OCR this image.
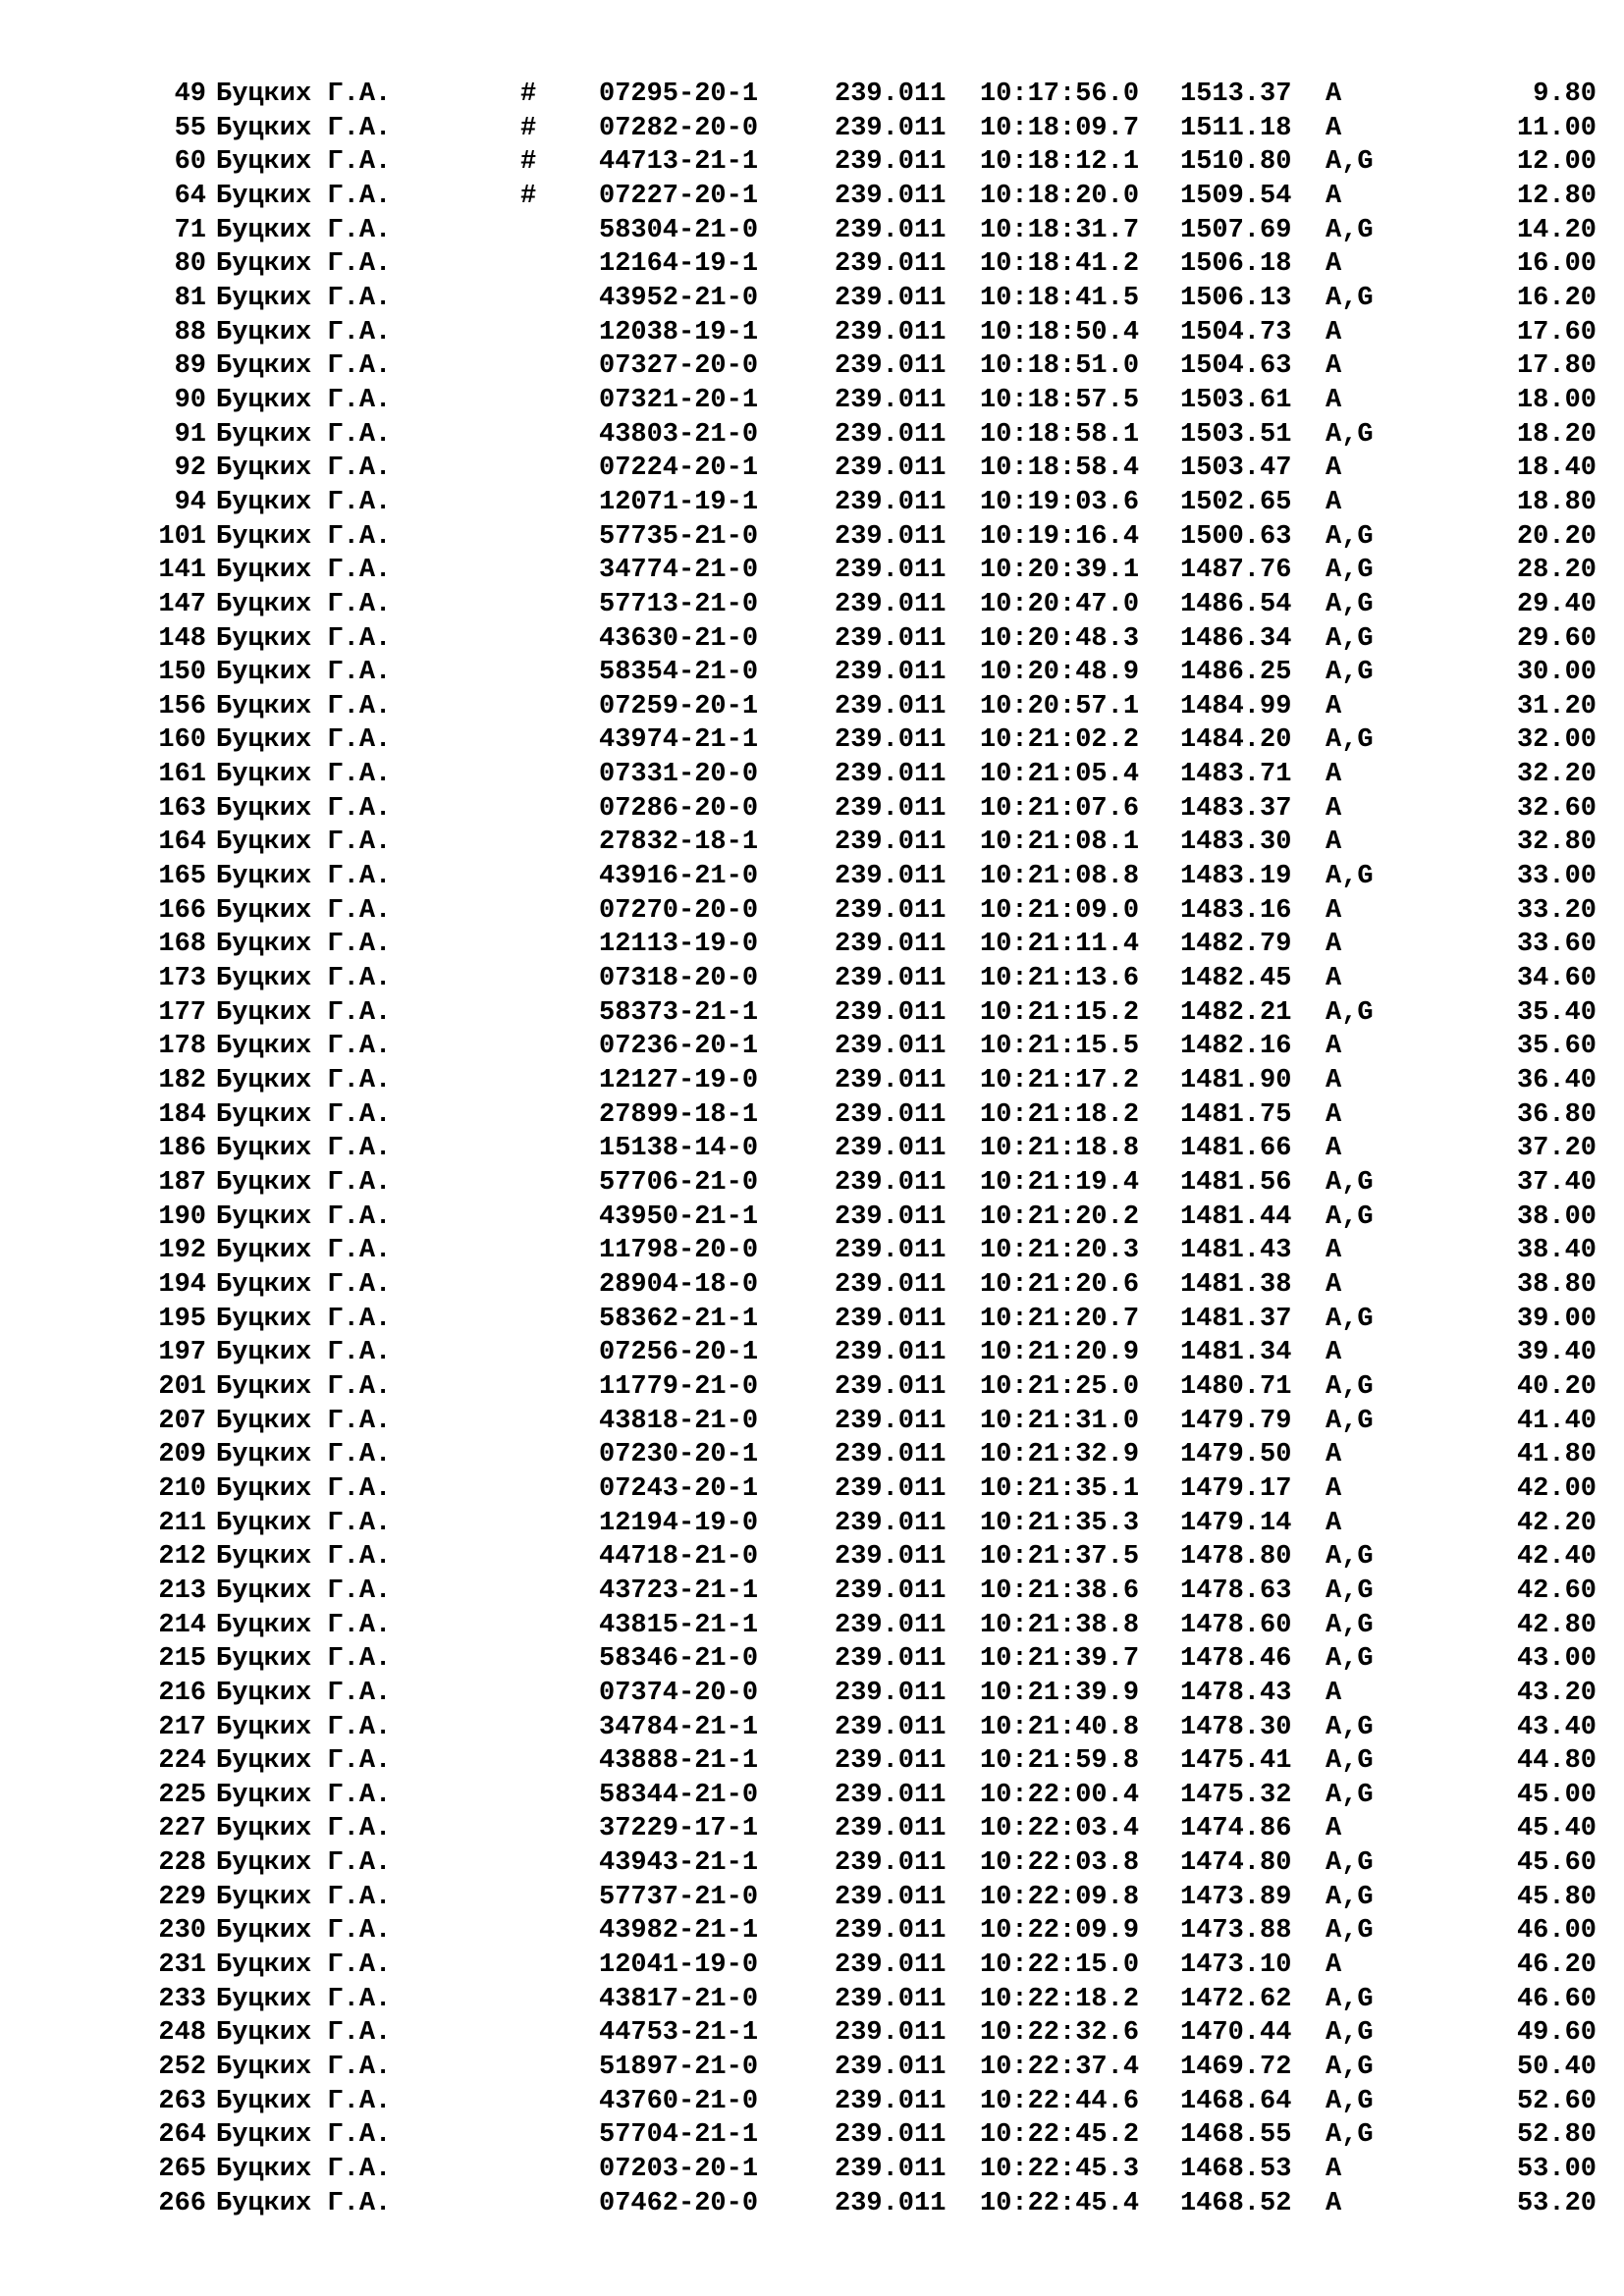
49 Буцких Г.А.	# 07295-20-1	239.011 10:17:56.0 1513.37 A	9.80
55 Буцких Г.А.	# 07282-20-0	239.011 10:18:09.7 1511.18 A	11.00
60 Буцких Г.А.	# 44713-21-1	239.011 10:18:12.1 1510.80 A,G	12.00
64 Буцких Г.А.	# 07227-20-1	239.011 10:18:20.0 1509.54 A	12.80
71 Буцких Г.А.	58304-21-0	239.011 10:18:31.7 1507.69 A,G	14.20
80 Буцких Г.А.	12164-19-1	239.011 10:18:41.2 1506.18 A	16.00
81 Буцких Г.А.	43952-21-0	239.011 10:18:41.5 1506.13 A,G	16.20
88 Буцких Г.А.	12038-19-1	239.011 10:18:50.4 1504.73 A	17.60
89 Буцких Г.А.	07327-20-0	239.011 10:18:51.0 1504.63 A	17.80
90 Буцких Г.А.	07321-20-1	239.011 10:18:57.5 1503.61 A	18.00
91 Буцких Г.А.	43803-21-0	239.011 10:18:58.1 1503.51 A,G	18.20
92 Буцких Г.А.	07224-20-1	239.011 10:18:58.4 1503.47 A	18.40
94 Буцких Г.А.	12071-19-1	239.011 10:19:03.6 1502.65 A	18.80
101 Буцких Г.А.	57735-21-0	239.011 10:19:16.4 1500.63 A,G	20.20
141 Буцких Г.А.	34774-21-0	239.011 10:20:39.1 1487.76 A,G	28.20
147 Буцких Г.А.	57713-21-0	239.011 10:20:47.0 1486.54 A,G	29.40
148 Буцких Г.А.	43630-21-0	239.011 10:20:48.3 1486.34 A,G	29.60
150 Буцких Г.А.	58354-21-0	239.011 10:20:48.9 1486.25 A,G	30.00
156 Буцких Г.А.	07259-20-1	239.011 10:20:57.1 1484.99 A	31.20
160 Буцких Г.А.	43974-21-1	239.011 10:21:02.2 1484.20 A,G	32.00
161 Буцких Г.А.	07331-20-0	239.011 10:21:05.4 1483.71 A	32.20
163 Буцких Г.А.	07286-20-0	239.011 10:21:07.6 1483.37 A	32.60
164 Буцких Г.А.	27832-18-1	239.011 10:21:08.1 1483.30 A	32.80
165 Буцких Г.А.	43916-21-0	239.011 10:21:08.8 1483.19 A,G	33.00
166 Буцких Г.А.	07270-20-0	239.011 10:21:09.0 1483.16 A	33.20
168 Буцких Г.А.	12113-19-0	239.011 10:21:11.4 1482.79 A	33.60
173 Буцких Г.А.	07318-20-0	239.011 10:21:13.6 1482.45 A	34.60
177 Буцких Г.А.	58373-21-1	239.011 10:21:15.2 1482.21 A,G	35.40
178 Буцких Г.А.	07236-20-1	239.011 10:21:15.5 1482.16 A	35.60
182 Буцких Г.А.	12127-19-0	239.011 10:21:17.2 1481.90 A	36.40
184 Буцких Г.А.	27899-18-1	239.011 10:21:18.2 1481.75 A	36.80
186 Буцких Г.А.	15138-14-0	239.011 10:21:18.8 1481.66 A	37.20
187 Буцких Г.А.	57706-21-0	239.011 10:21:19.4 1481.56 A,G	37.40
190 Буцких Г.А.	43950-21-1	239.011 10:21:20.2 1481.44 A,G	38.00
192 Буцких Г.А.	11798-20-0	239.011 10:21:20.3 1481.43 A	38.40
194 Буцких Г.А.	28904-18-0	239.011 10:21:20.6 1481.38 A	38.80
195 Буцких Г.А.	58362-21-1	239.011 10:21:20.7 1481.37 A,G	39.00
197 Буцких Г.А.	07256-20-1	239.011 10:21:20.9 1481.34 A	39.40
201 Буцких Г.А.	11779-21-0	239.011 10:21:25.0 1480.71 A,G	40.20
207 Буцких Г.А.	43818-21-0	239.011 10:21:31.0 1479.79 A,G	41.40
209 Буцких Г.А.	07230-20-1	239.011 10:21:32.9 1479.50 A	41.80
210 Буцких Г.А.	07243-20-1	239.011 10:21:35.1 1479.17 A	42.00
211 Буцких Г.А.	12194-19-0	239.011 10:21:35.3 1479.14 A	42.20
212 Буцких Г.А.	44718-21-0	239.011 10:21:37.5 1478.80 A,G	42.40
213 Буцких Г.А.	43723-21-1	239.011 10:21:38.6 1478.63 A,G	42.60
214 Буцких Г.А.	43815-21-1	239.011 10:21:38.8 1478.60 A,G	42.80
215 Буцких Г.А.	58346-21-0	239.011 10:21:39.7 1478.46 A,G	43.00
216 Буцких Г.А.	07374-20-0	239.011 10:21:39.9 1478.43 A	43.20
217 Буцких Г.А.	34784-21-1	239.011 10:21:40.8 1478.30 A,G	43.40
224 Буцких Г.А.	43888-21-1	239.011 10:21:59.8 1475.41 A,G	44.80
225 Буцких Г.А.	58344-21-0	239.011 10:22:00.4 1475.32 A,G	45.00
227 Буцких Г.А.	37229-17-1	239.011 10:22:03.4 1474.86 A	45.40
228 Буцких Г.А.	43943-21-1	239.011 10:22:03.8 1474.80 A,G	45.60
229 Буцких Г.А.	57737-21-0	239.011 10:22:09.8 1473.89 A,G	45.80
230 Буцких Г.А.	43982-21-1	239.011 10:22:09.9 1473.88 A,G	46.00
231 Буцких Г.А.	12041-19-0	239.011 10:22:15.0 1473.10 A	46.20
233 Буцких Г.А.	43817-21-0	239.011 10:22:18.2 1472.62 A,G	46.60
248 Буцких Г.А.	44753-21-1	239.011 10:22:32.6 1470.44 A,G	49.60
252 Буцких Г.А.	51897-21-0	239.011 10:22:37.4 1469.72 A,G	50.40
263 Буцких Г.А.	43760-21-0	239.011 10:22:44.6 1468.64 A,G	52.60
264 Буцких Г.А.	57704-21-1	239.011 10:22:45.2 1468.55 A,G	52.80
265 Буцких Г.А.	07203-20-1	239.011 10:22:45.3 1468.53 A	53.00
266 Буцких Г.А.	07462-20-0	239.011 10:22:45.4 1468.52 A	53.20
